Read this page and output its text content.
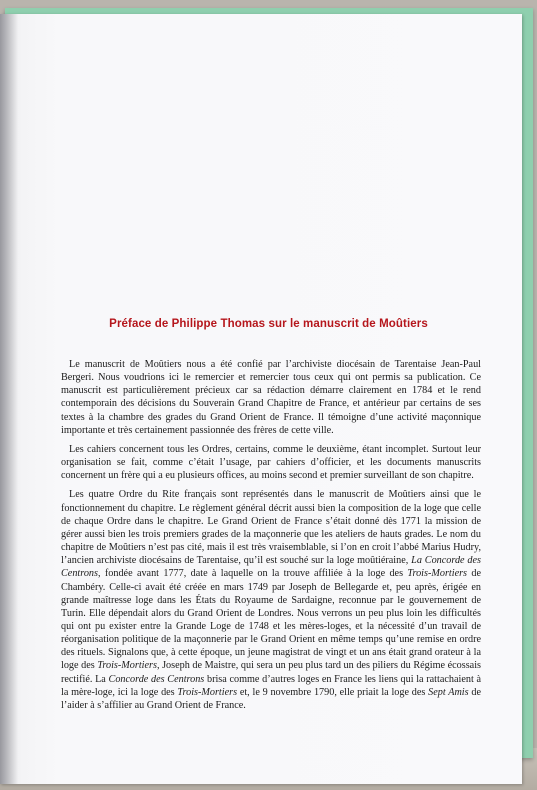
Préface de Philippe Thomas sur le manuscrit de Moûtiers

Le manuscrit de Moûtiers nous a été confié par l’archiviste diocésain de Tarentaise Jean-Paul Bergeri. Nous voudrions ici le remercier et remercier tous ceux qui ont permis sa publication. Ce manuscrit est particulièrement précieux car sa rédaction démarre clairement en 1784 et le rend contemporain des décisions du Souverain Grand Chapitre de France, et antérieur par certains de ses textes à la chambre des grades du Grand Orient de France. Il témoigne d’une activité maçonnique importante et très certainement passionnée des frères de cette ville.

Les cahiers concernent tous les Ordres, certains, comme le deuxième, étant incomplet. Surtout leur organisation se fait, comme c’était l’usage, par cahiers d’officier, et les documents manuscrits concernent un frère qui a eu plusieurs offices, au moins second et premier surveillant de son chapitre.

Les quatre Ordre du Rite français sont représentés dans le manuscrit de Moûtiers ainsi que le fonctionnement du chapitre. Le règlement général décrit aussi bien la composition de la loge que celle de chaque Ordre dans le chapitre. Le Grand Orient de France s’était donné dès 1771 la mission de gérer aussi bien les trois premiers grades de la maçonnerie que les ateliers de hauts grades. Le nom du chapitre de Moûtiers n’est pas cité, mais il est très vraisemblable, si l’on en croit l’abbé Marius Hudry, l’ancien archiviste diocésains de Tarentaise, qu’il est souché sur la loge moûtiéraine, La Concorde des Centrons, fondée avant 1777, date à laquelle on la trouve affiliée à la loge des Trois-Mortiers de Chambéry. Celle-ci avait été créée en mars 1749 par Joseph de Bellegarde et, peu après, érigée en grande maîtresse loge dans les États du Royaume de Sardaigne, reconnue par le gouvernement de Turin. Elle dépendait alors du Grand Orient de Londres. Nous verrons un peu plus loin les difficultés qui ont pu exister entre la Grande Loge de 1748 et les mères-loges, et la nécessité d’un travail de réorganisation politique de la maçonnerie par le Grand Orient en même temps qu’une remise en ordre des rituels. Signalons que, à cette époque, un jeune magistrat de vingt et un ans était grand orateur à la loge des Trois-Mortiers, Joseph de Maistre, qui sera un peu plus tard un des piliers du Régime écossais rectifié. La Concorde des Centrons brisa comme d’autres loges en France les liens qui la rattachaient à la mère-loge, ici la loge des Trois-Mortiers et, le 9 novembre 1790, elle priait la loge des Sept Amis de l’aider à s’affilier au Grand Orient de France.
